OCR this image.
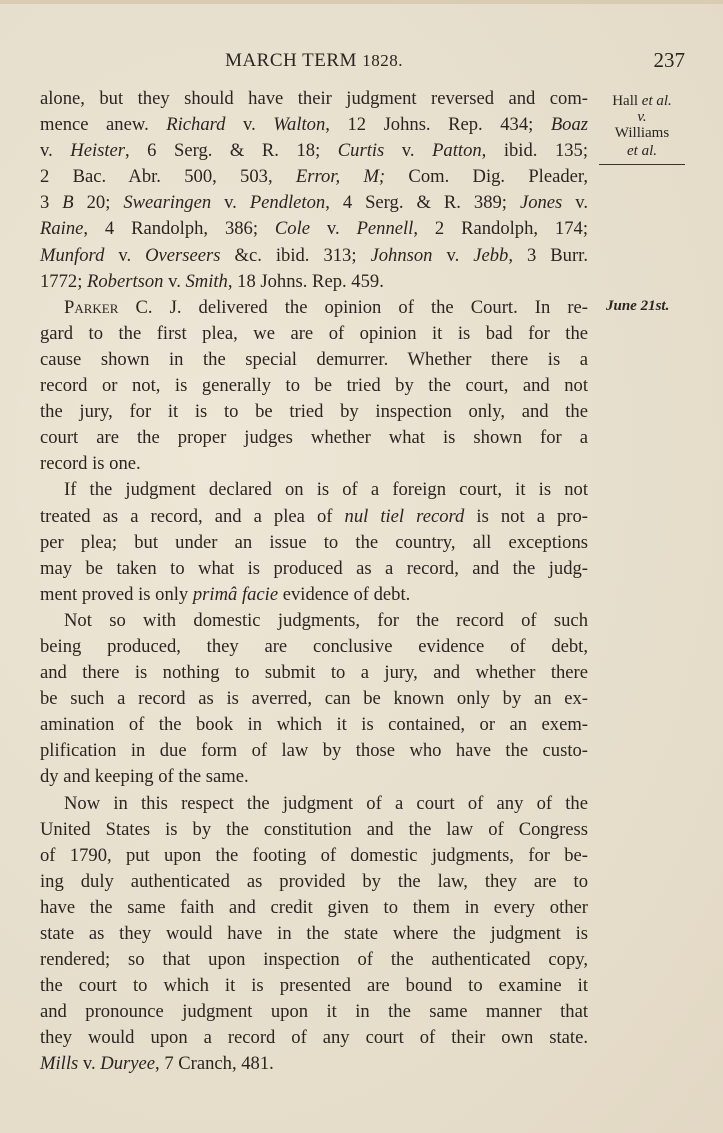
MARCH TERM 1828.	237
Hall et al.
v.
Williams
et al.
June 21st.
alone, but they should have their judgment reversed and com-
mence anew. Richard v. Walton, 12 Johns. Rep. 434; Boaz
v. Heister, 6 Serg. & R. 18; Curtis v. Patton, ibid. 135;
2 Bac. Abr. 500, 503, Error, M; Com. Dig. Pleader,
3 B 20; Swearingen v. Pendleton, 4 Serg. & R. 389; Jones v.
Raine, 4 Randolph, 386; Cole v. Pennell, 2 Randolph, 174;
Munford v. Overseers &c. ibid. 313; Johnson v. Jebb, 3 Burr.
1772; Robertson v. Smith, 18 Johns. Rep. 459.
Parker C. J. delivered the opinion of the Court. In re-
gard to the first plea, we are of opinion it is bad for the
cause shown in the special demurrer. Whether there is a
record or not, is generally to be tried by the court, and not
the jury, for it is to be tried by inspection only, and the
court are the proper judges whether what is shown for a
record is one.
If the judgment declared on is of a foreign court, it is not
treated as a record, and a plea of nul tiel record is not a pro-
per plea; but under an issue to the country, all exceptions
may be taken to what is produced as a record, and the judg-
ment proved is only primâ facie evidence of debt.
Not so with domestic judgments, for the record of such
being produced, they are conclusive evidence of debt,
and there is nothing to submit to a jury, and whether there
be such a record as is averred, can be known only by an ex-
amination of the book in which it is contained, or an exem-
plification in due form of law by those who have the custo-
dy and keeping of the same.
Now in this respect the judgment of a court of any of the
United States is by the constitution and the law of Congress
of 1790, put upon the footing of domestic judgments, for be-
ing duly authenticated as provided by the law, they are to
have the same faith and credit given to them in every other
state as they would have in the state where the judgment is
rendered; so that upon inspection of the authenticated copy,
the court to which it is presented are bound to examine it
and pronounce judgment upon it in the same manner that
they would upon a record of any court of their own state.
Mills v. Duryee, 7 Cranch, 481.
